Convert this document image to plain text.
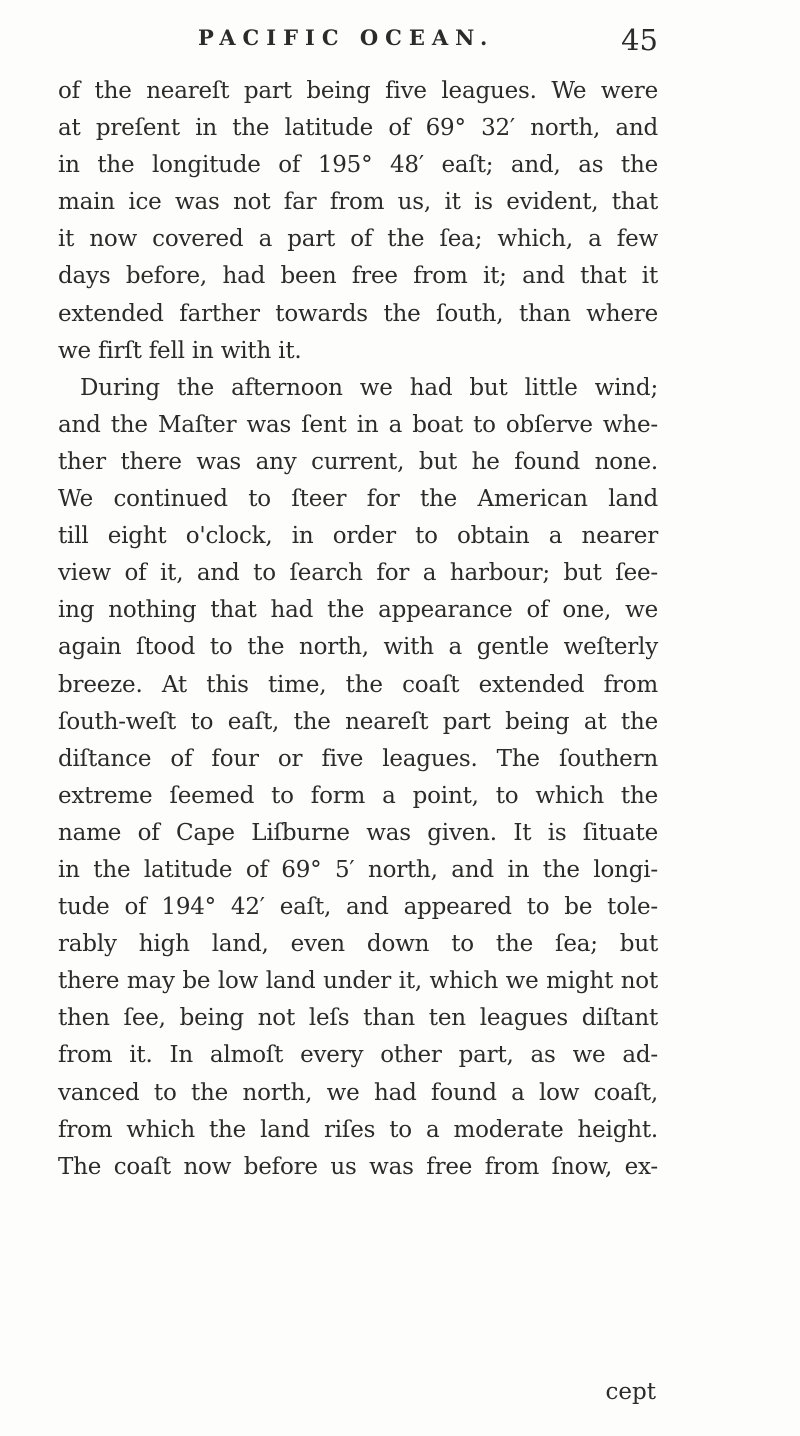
PACIFIC OCEAN.	45

of the neareſt part being five leagues. We were
at preſent in the latitude of 69° 32′ north, and
in the longitude of 195° 48′ eaſt; and, as the
main ice was not far from us, it is evident, that
it now covered a part of the ſea; which, a few
days before, had been free from it; and that it
extended farther towards the ſouth, than where
we firſt fell in with it.

During the afternoon we had but little wind;
and the Maſter was ſent in a boat to obſerve whe-
ther there was any current, but he found none.
We continued to ſteer for the American land
till eight o'clock, in order to obtain a nearer
view of it, and to ſearch for a harbour; but ſee-
ing nothing that had the appearance of one, we
again ſtood to the north, with a gentle weſterly
breeze. At this time, the coaſt extended from
ſouth-weſt to eaſt, the neareſt part being at the
diſtance of four or five leagues. The ſouthern
extreme ſeemed to form a point, to which the
name of Cape Liſburne was given. It is ſituate
in the latitude of 69° 5′ north, and in the longi-
tude of 194° 42′ eaſt, and appeared to be tole-
rably high land, even down to the ſea; but
there may be low land under it, which we might not
then ſee, being not leſs than ten leagues diſtant
from it. In almoſt every other part, as we ad-
vanced to the north, we had found a low coaſt,
from which the land riſes to a moderate height.
The coaſt now before us was free from ſnow, ex-

cept
